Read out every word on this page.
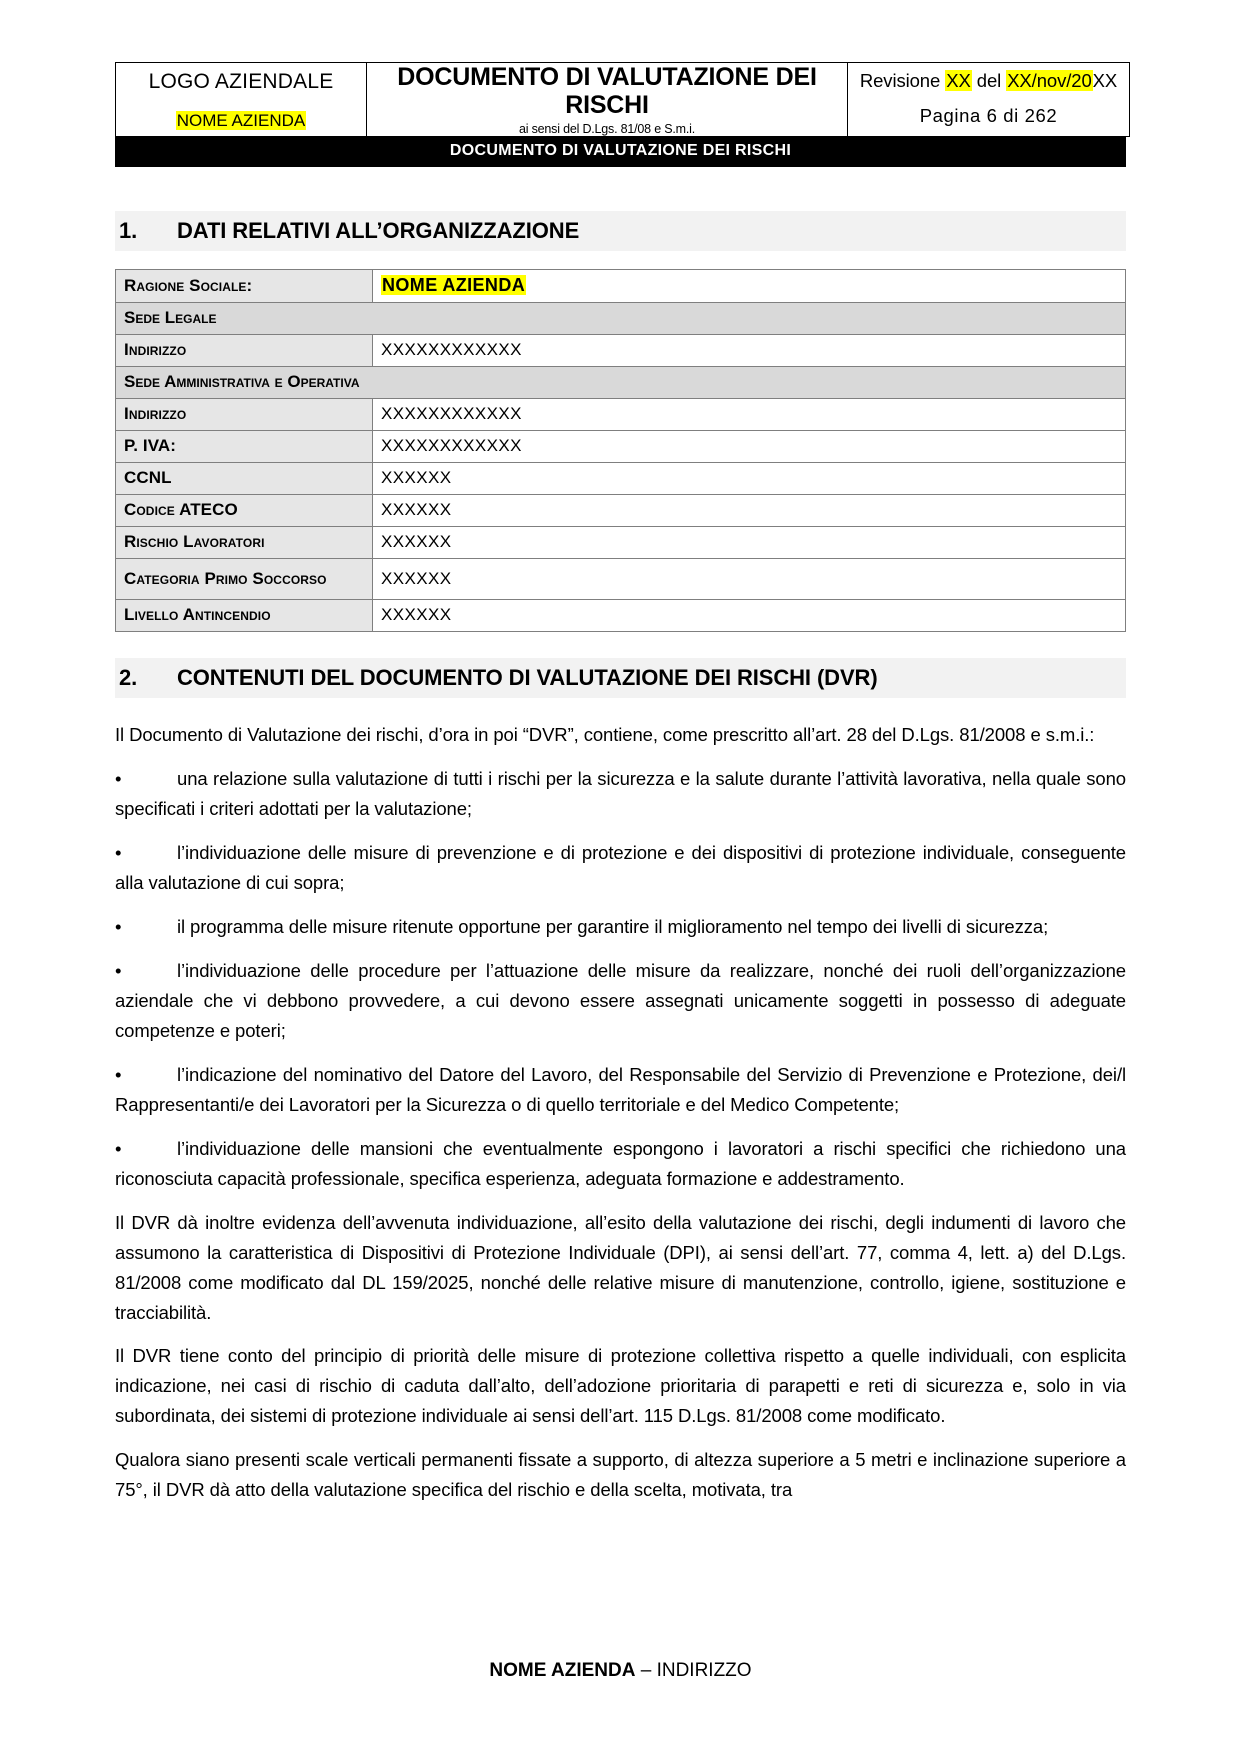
LOGO AZIENDALE
NOME AZIENDA

DOCUMENTO DI VALUTAZIONE DEI RISCHI
ai sensi del D.Lgs. 81/08 e S.m.i.

Revisione XX del XX/nov/20XX
Pagina 6 di 262
DOCUMENTO DI VALUTAZIONE DEI RISCHI
1.	DATI RELATIVI ALL’ORGANIZZAZIONE
Ragione Sociale:	NOME AZIENDA
Sede Legale	
Indirizzo	XXXXXXXXXXXX
Sede Amministrativa e Operativa	
Indirizzo	XXXXXXXXXXXX
P. IVA:	XXXXXXXXXXXX
CCNL	XXXXXX
Codice ATECO	XXXXXX
Rischio Lavoratori	XXXXXX
Categoria Primo Soccorso	XXXXXX
Livello Antincendio	XXXXXX
2.	CONTENUTI DEL DOCUMENTO DI VALUTAZIONE DEI RISCHI (DVR)

Il Documento di Valutazione dei rischi, d’ora in poi “DVR”, contiene, come prescritto all’art. 28 del D.Lgs. 81/2008 e s.m.i.:

•	una relazione sulla valutazione di tutti i rischi per la sicurezza e la salute durante l’attività lavorativa, nella quale sono specificati i criteri adottati per la valutazione;

•	l’individuazione delle misure di prevenzione e di protezione e dei dispositivi di protezione individuale, conseguente alla valutazione di cui sopra;

•	il programma delle misure ritenute opportune per garantire il miglioramento nel tempo dei livelli di sicurezza;

•	l’individuazione delle procedure per l’attuazione delle misure da realizzare, nonché dei ruoli dell’organizzazione aziendale che vi debbono provvedere, a cui devono essere assegnati unicamente soggetti in possesso di adeguate competenze e poteri;

•	l’indicazione del nominativo del Datore del Lavoro, del Responsabile del Servizio di Prevenzione e Protezione, dei/l Rappresentanti/e dei Lavoratori per la Sicurezza o di quello territoriale e del Medico Competente;

•	l’individuazione delle mansioni che eventualmente espongono i lavoratori a rischi specifici che richiedono una riconosciuta capacità professionale, specifica esperienza, adeguata formazione e addestramento.

Il DVR dà inoltre evidenza dell’avvenuta individuazione, all’esito della valutazione dei rischi, degli indumenti di lavoro che assumono la caratteristica di Dispositivi di Protezione Individuale (DPI), ai sensi dell’art. 77, comma 4, lett. a) del D.Lgs. 81/2008 come modificato dal DL 159/2025, nonché delle relative misure di manutenzione, controllo, igiene, sostituzione e tracciabilità.

Il DVR tiene conto del principio di priorità delle misure di protezione collettiva rispetto a quelle individuali, con esplicita indicazione, nei casi di rischio di caduta dall’alto, dell’adozione prioritaria di parapetti e reti di sicurezza e, solo in via subordinata, dei sistemi di protezione individuale ai sensi dell’art. 115 D.Lgs. 81/2008 come modificato.

Qualora siano presenti scale verticali permanenti fissate a supporto, di altezza superiore a 5 metri e inclinazione superiore a 75°, il DVR dà atto della valutazione specifica del rischio e della scelta, motivata, tra

NOME AZIENDA – INDIRIZZO
